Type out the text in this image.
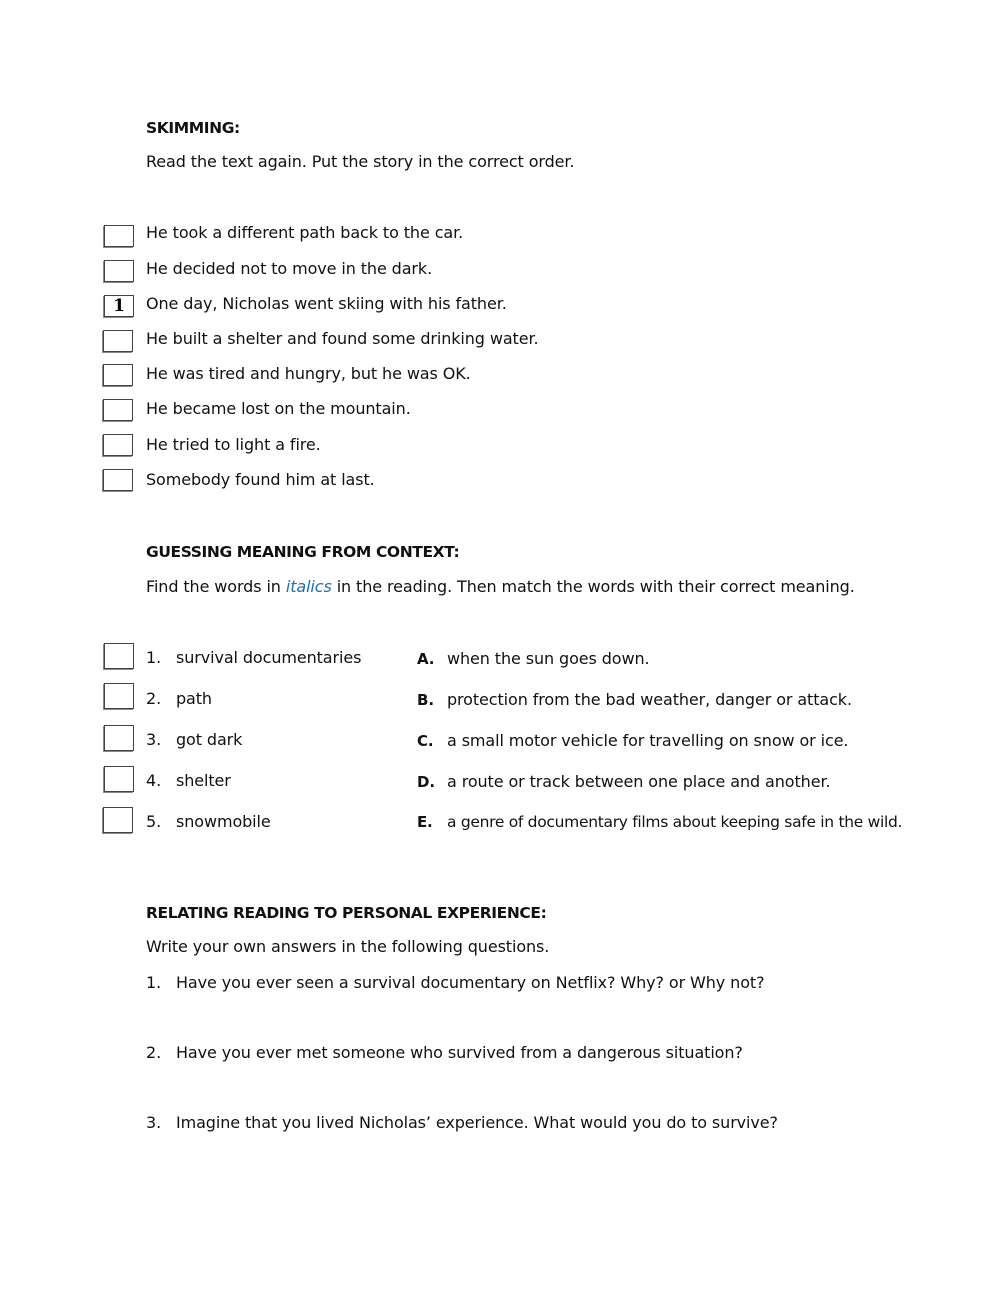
SKIMMING:
Read the text again. Put the story in the correct order.
1
He took a different path back to the car.
He decided not to move in the dark.
One day, Nicholas went skiing with his father.
He built a shelter and found some drinking water.
He was tired and hungry, but he was OK.
He became lost on the mountain.
He tried to light a fire.
Somebody found him at last.
GUESSING MEANING FROM CONTEXT:
Find the words in italics in the reading. Then match the words with their correct meaning.
1. survival documentaries
2. path
3. got dark
4. shelter
5. snowmobile
A. when the sun goes down.
B. protection from the bad weather, danger or attack.
C. a small motor vehicle for travelling on snow or ice.
D. a route or track between one place and another.
E. a genre of documentary films about keeping safe in the wild.
RELATING READING TO PERSONAL EXPERIENCE:
Write your own answers in the following questions.
1. Have you ever seen a survival documentary on Netflix? Why? or Why not?
2. Have you ever met someone who survived from a dangerous situation?
3. Imagine that you lived Nicholas’ experience. What would you do to survive?
